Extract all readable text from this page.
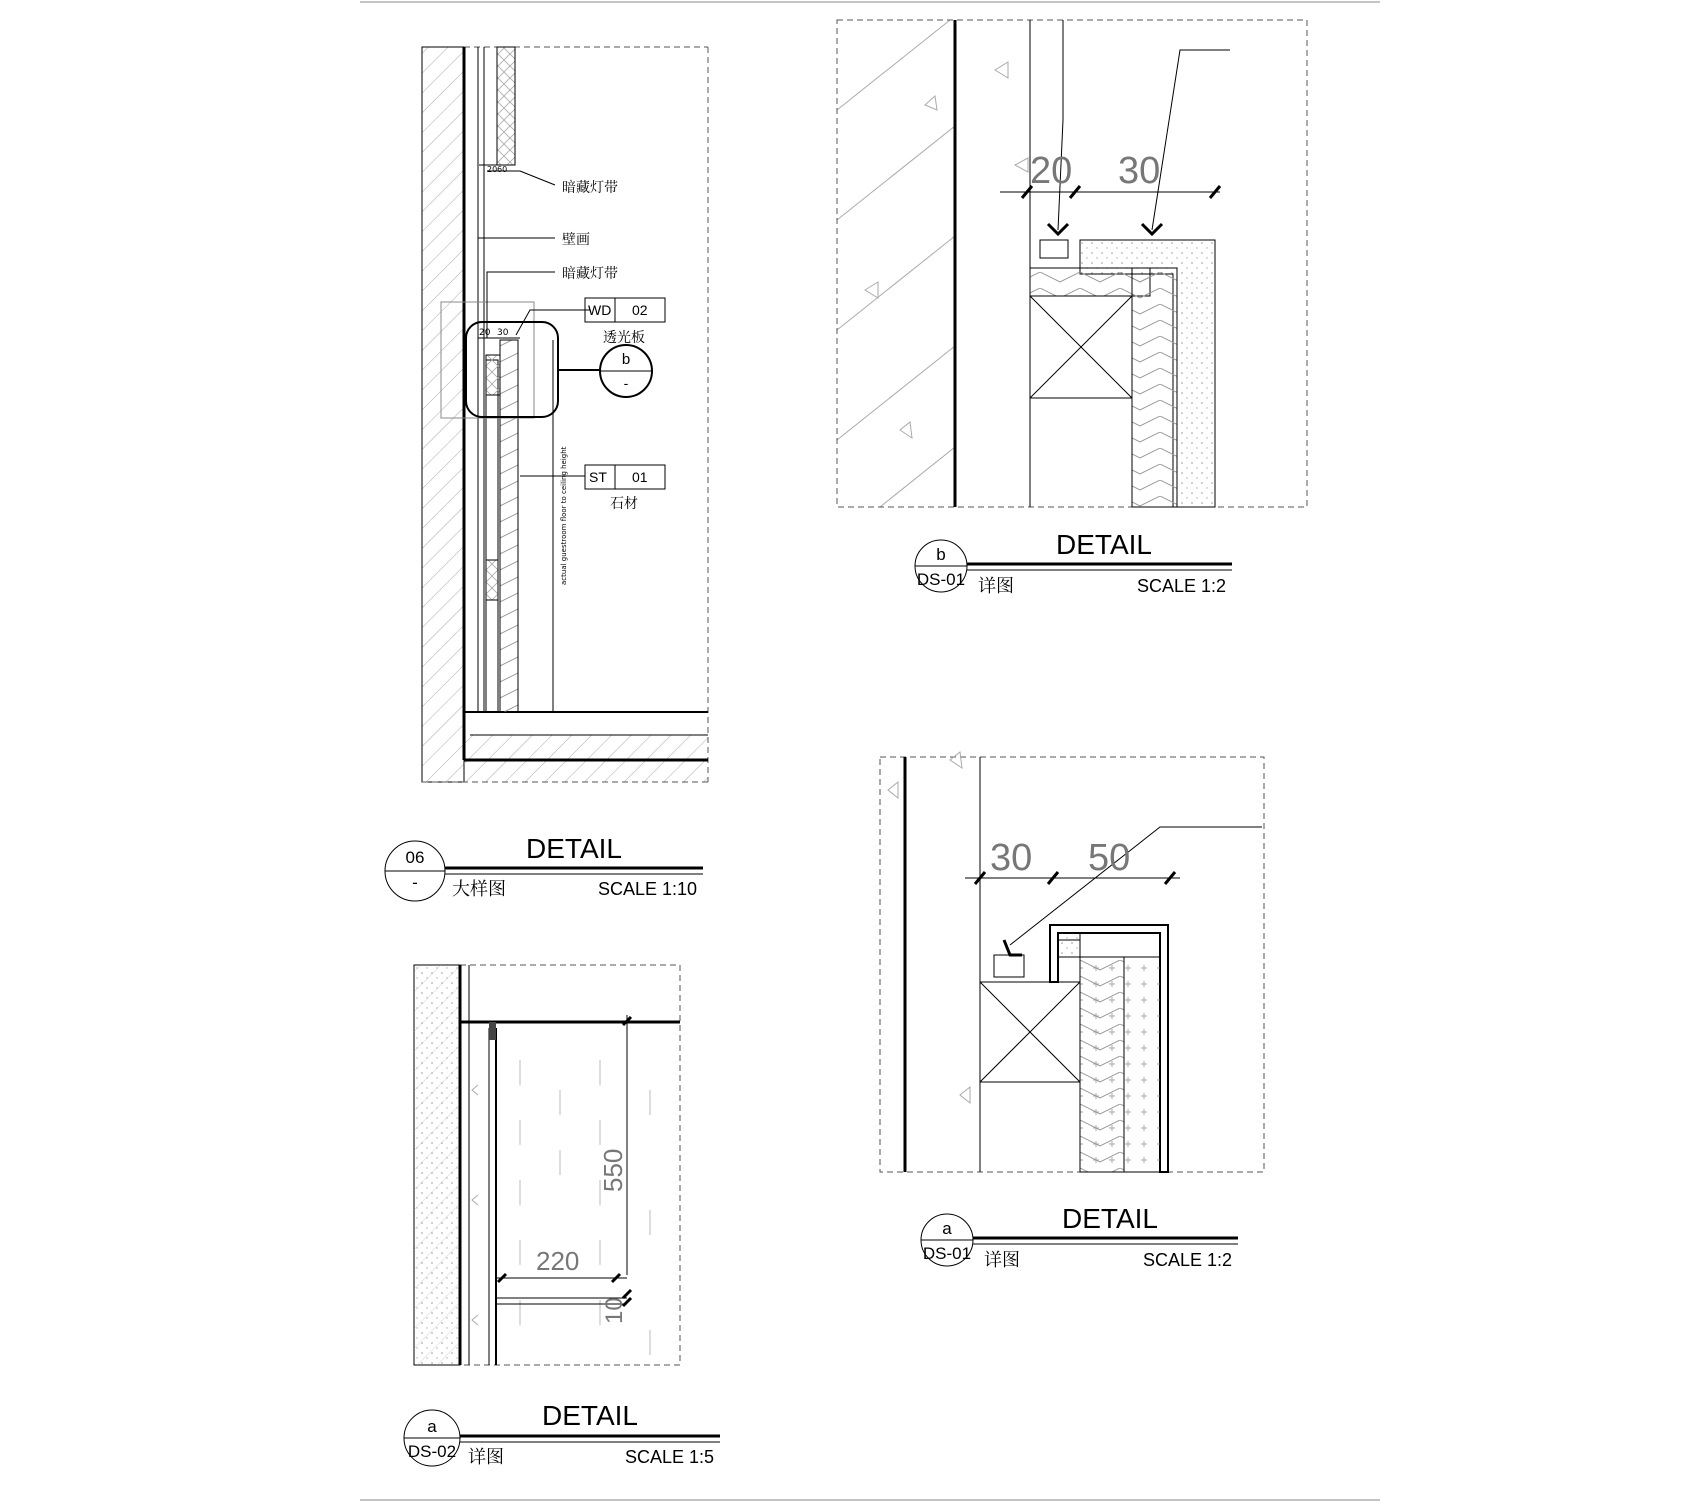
20 60
20 30
暗藏灯带
壁画
暗藏灯带
WD 02
透光板
b
-
ST 01
石材
actual guestroom floor to ceiling height
06
-
DETAIL
大样图	SCALE 1:10
20 30
b
DS-01
DETAIL
详图	SCALE 1:2
550
220
10
a
DS-02
DETAIL
详图	SCALE 1:5
30 50
a
DS-01
DETAIL
详图	SCALE 1:2
